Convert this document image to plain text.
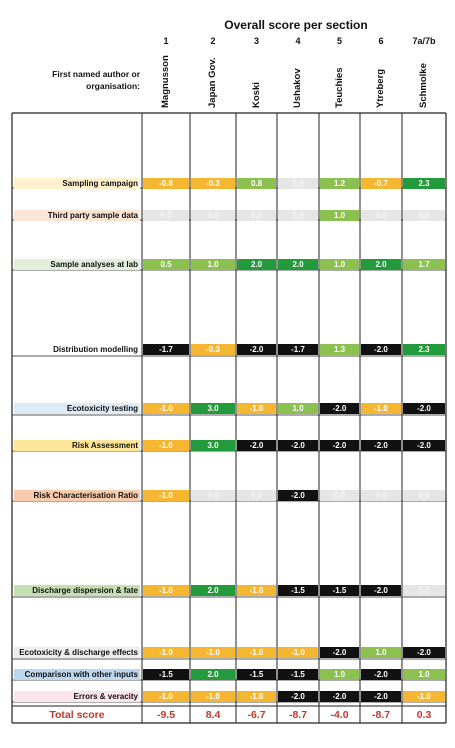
Overall score per section
First named author or organisation:
1
Magnusson
2
Japan Gov.
3
Koski
4
Ushakov
5
Teuchies
6
Ytreberg
7a/7b
Schmolke
Sampling campaign	-0.8	-0.3	0.8	0.0	1.2	-0.7	2.3
Third party sample data	0.0	0.0	0.0	0.0	1.0	0.0	0.0
Sample analyses at lab	0.5	1.0	2.0	2.0	1.0	2.0	1.7
Distribution modelling	-1.7	-0.3	-2.0	-1.7	1.3	-2.0	2.3
Ecotoxicity testing	-1.0	3.0	-1.0	1.0	-2.0	-1.0	-2.0
Risk Assessment	-1.0	3.0	-2.0	-2.0	-2.0	-2.0	-2.0
Risk Characterisation Ratio	-1.0	0.0	0.0	-2.0	0.0	0.0	0.0
Discharge dispersion & fate	-1.0	2.0	-1.0	-1.5	-1.5	-2.0	0.0
Ecotoxicity & discharge effects	-1.0	-1.0	-1.0	-1.0	-2.0	1.0	-2.0
Comparison with other inputs	-1.5	2.0	-1.5	-1.5	1.0	-2.0	1.0
Errors & veracity	-1.0	-1.0	-1.0	-2.0	-2.0	-2.0	-1.0
Total score	-9.5	8.4	-6.7	-8.7	-4.0	-8.7	0.3
